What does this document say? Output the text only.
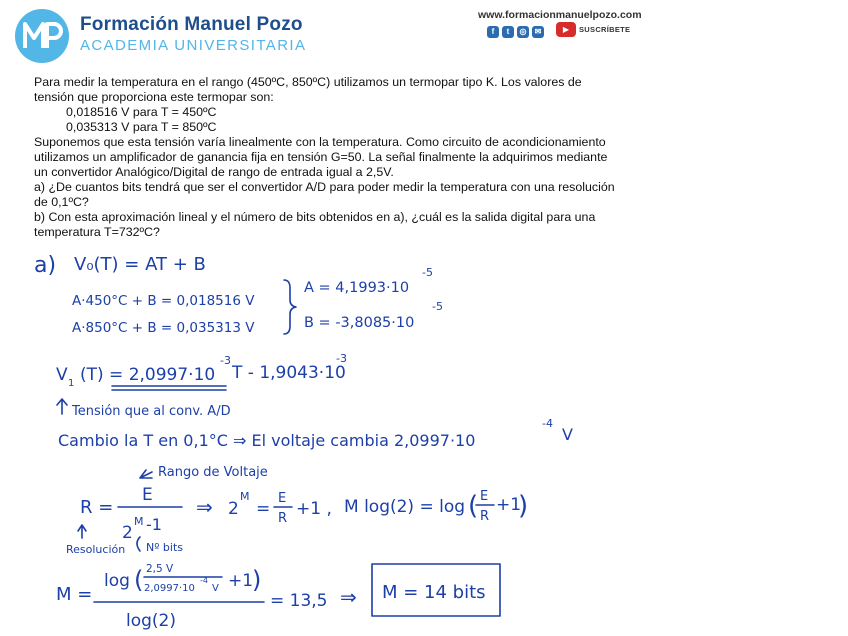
Formación Manuel Pozo
ACADEMIA UNIVERSITARIA
www.formacionmanuelpozo.com
f	t	◎	✉	▶	SUSCRÍBETE
Para medir la temperatura en el rango (450ºC, 850ºC) utilizamos un termopar tipo K. Los valores de
tensión que proporciona este termopar son:
0,018516 V para T = 450ºC
0,035313 V para T = 850ºC
Suponemos que esta tensión varía linealmente con la temperatura. Como circuito de acondicionamiento
utilizamos un amplificador de ganancia fija en tensión G=50. La señal finalmente la adquirimos mediante
un convertidor Analógico/Digital de rango de entrada igual a 2,5V.
a) ¿De cuantos bits tendrá que ser el convertidor A/D para poder medir la temperatura con una resolución
de 0,1ºC?
b) Con esta aproximación lineal y el número de bits obtenidos en a), ¿cuál es la salida digital para una
temperatura T=732ºC?
a) V₀(T) = AT + B
A·450°C + B = 0,018516 V
A·850°C + B = 0,035313 V
A = 4,1993·10
-5
B = -3,8085·10
-5
V 1 (T) = 2,0997·10
-3
T - 1,9043·10
-3
Tensión que al conv. A/D
Cambio la T en 0,1°C ⇒ El voltaje cambia 2,0997·10
-4
V
Rango de Voltaje
R =
E
2
M -1
Resolución Nº bits
⇒ 2
M
=
E
R +1 , M log(2) = log ( E
R
+1
)
M =
log ( 2,5 V
2,0997·10
-4
V +1
)
log(2)
= 13,5 ⇒ M = 14 bits
